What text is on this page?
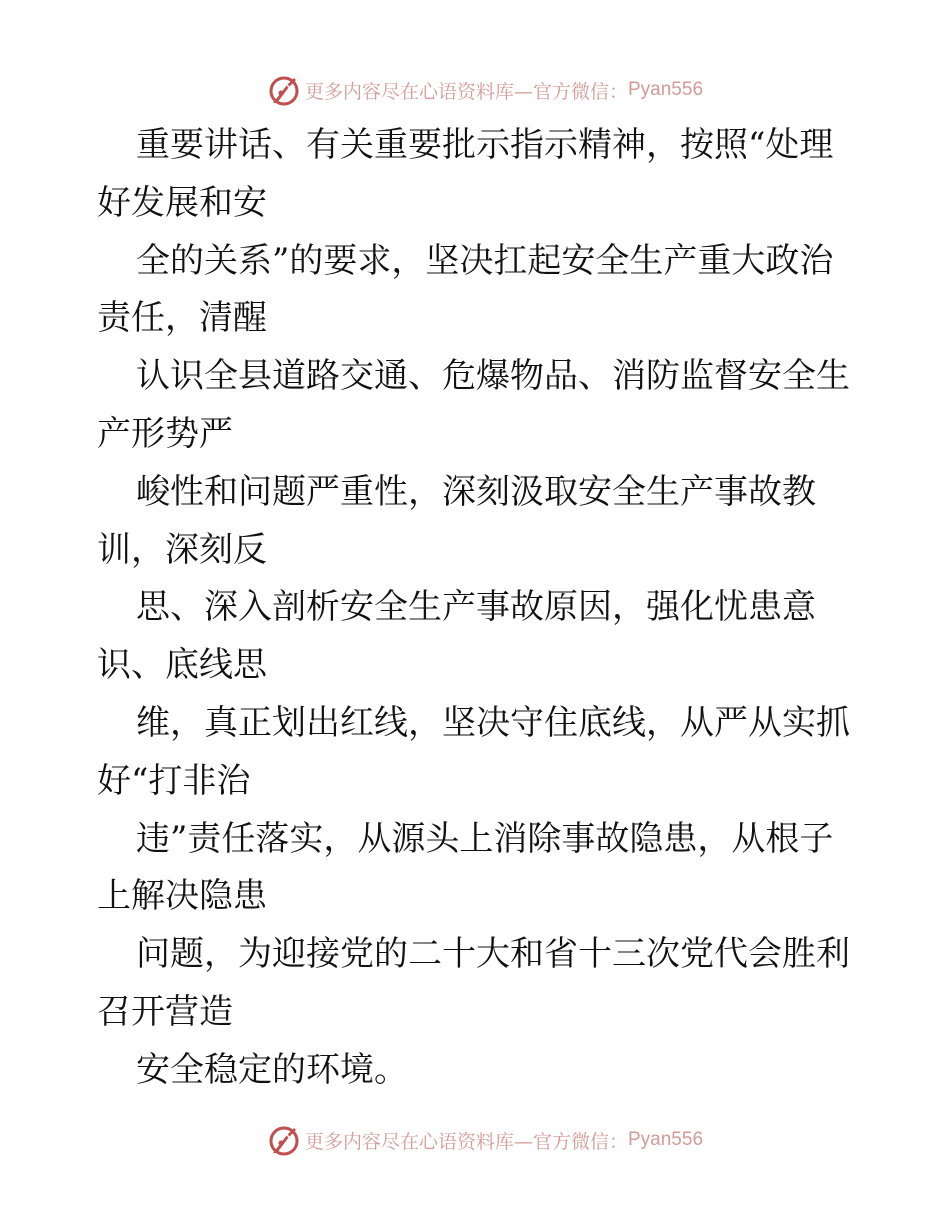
更多内容尽在心语资料库—官方微信： Pyan556
重要讲话、有关重要批示指示精神，按照“处理
好发展和安
全的关系”的要求，坚决扛起安全生产重大政治
责任，清醒
认识全县道路交通、危爆物品、消防监督安全生
产形势严
峻性和问题严重性，深刻汲取安全生产事故教
训，深刻反
思、深入剖析安全生产事故原因，强化忧患意
识、底线思
维，真正划出红线，坚决守住底线，从严从实抓
好“打非治
违”责任落实，从源头上消除事故隐患，从根子
上解决隐患
问题，为迎接党的二十大和省十三次党代会胜利
召开营造
安全稳定的环境。
更多内容尽在心语资料库—官方微信： Pyan556
